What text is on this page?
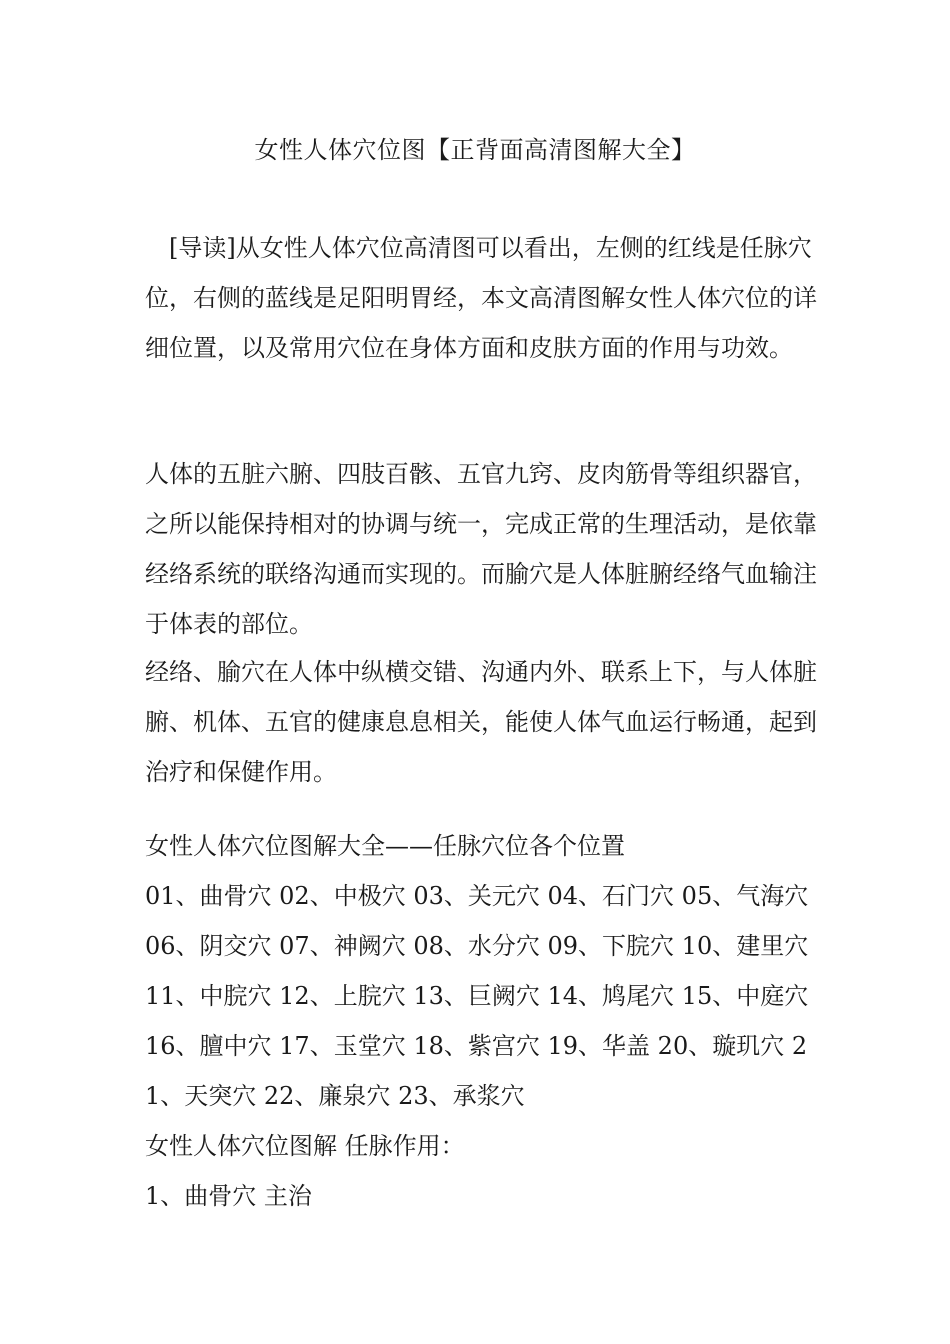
女性人体穴位图【正背面高清图解大全】

[导读]从女性人体穴位高清图可以看出，左侧的红线是任脉穴位，右侧的蓝线是足阳明胃经，本文高清图解女性人体穴位的详细位置，以及常用穴位在身体方面和皮肤方面的作用与功效。

人体的五脏六腑、四肢百骸、五官九窍、皮肉筋骨等组织器官，之所以能保持相对的协调与统一，完成正常的生理活动，是依靠经络系统的联络沟通而实现的。而腧穴是人体脏腑经络气血输注于体表的部位。

经络、腧穴在人体中纵横交错、沟通内外、联系上下，与人体脏腑、机体、五官的健康息息相关，能使人体气血运行畅通，起到治疗和保健作用。

女性人体穴位图解大全——任脉穴位各个位置

01、曲骨穴 02、中极穴 03、关元穴 04、石门穴 05、气海穴 06、阴交穴 07、神阙穴 08、水分穴 09、下脘穴 10、建里穴 11、中脘穴 12、上脘穴 13、巨阙穴 14、鸠尾穴 15、中庭穴 16、膻中穴 17、玉堂穴 18、紫宫穴 19、华盖 20、璇玑穴 21、天突穴 22、廉泉穴 23、承浆穴

女性人体穴位图解 任脉作用：

1、曲骨穴 主治
